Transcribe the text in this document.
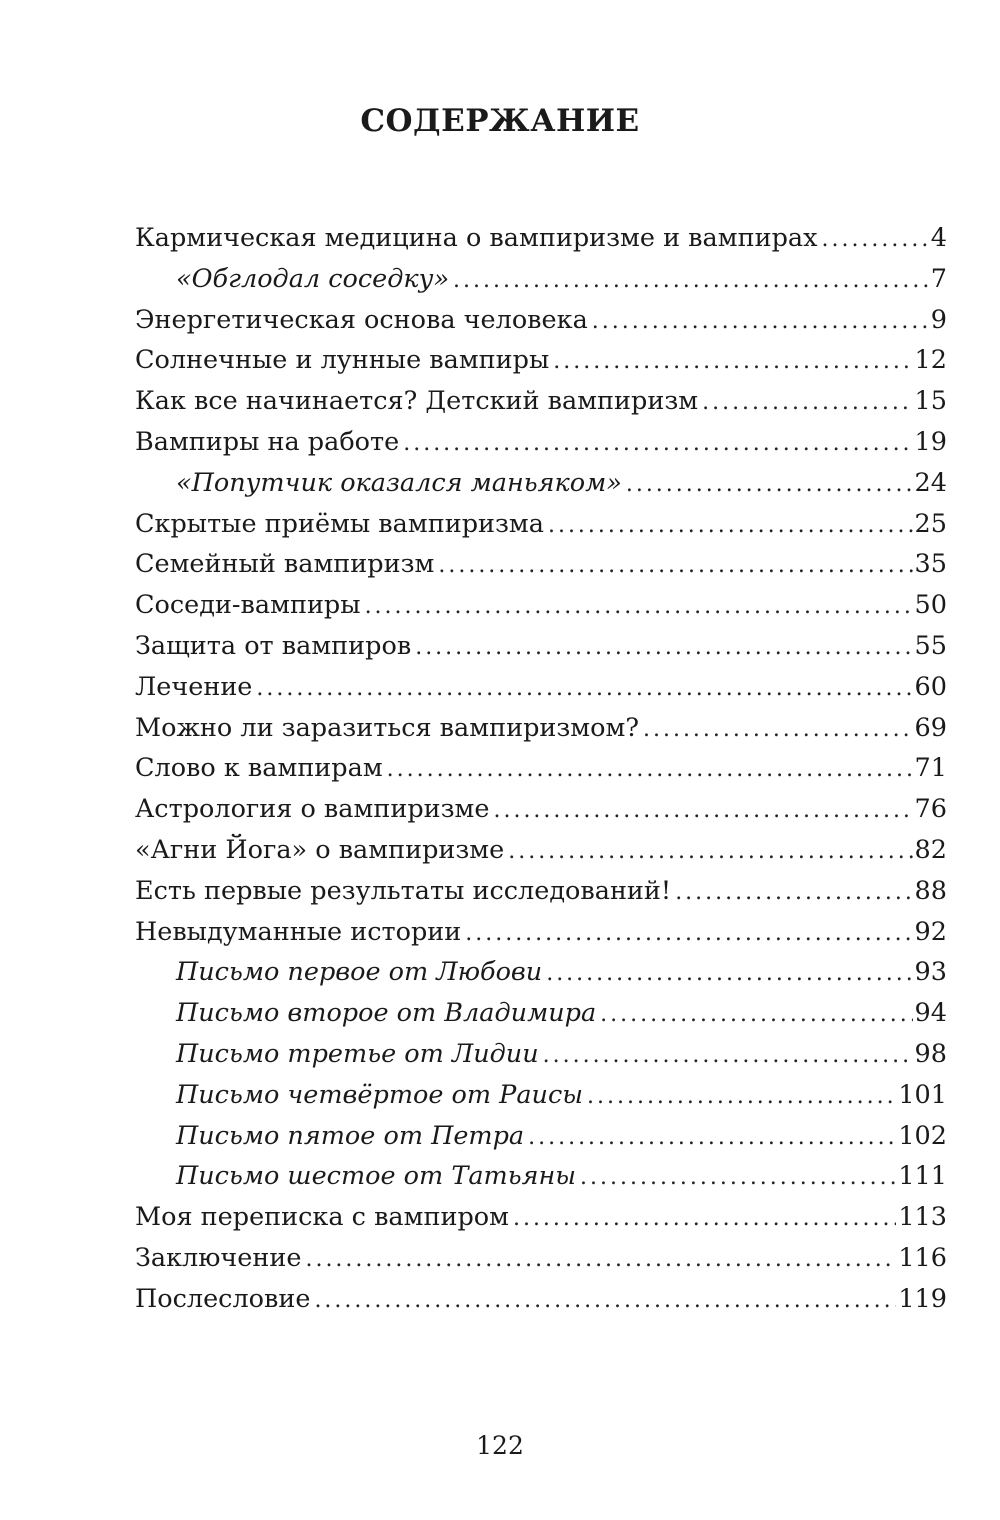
СОДЕРЖАНИЕ
Кармическая медицина о вампиризме и вампирах . . .	4
«Обглодал соседку» . . .	7
Энергетическая основа человека . . .	9
Солнечные и лунные вампиры . . .	12
Как все начинается? Детский вампиризм . . .	15
Вампиры на работе . . .	19
«Попутчик оказался маньяком» . . .	24
Скрытые приёмы вампиризма . . .	25
Семейный вампиризм . . .	35
Соседи-вампиры . . .	50
Защита от вампиров . . .	55
Лечение . . .	60
Можно ли заразиться вампиризмом? . . .	69
Слово к вампирам . . .	71
Астрология о вампиризме . . .	76
«Агни Йога» о вампиризме . . .	82
Есть первые результаты исследований! . . .	88
Невыдуманные истории . . .	92
Письмо первое от Любови . . .	93
Письмо второе от Владимира . . .	94
Письмо третье от Лидии . . .	98
Письмо четвёртое от Раисы . . .	101
Письмо пятое от Петра . . .	102
Письмо шестое от Татьяны . . .	111
Моя переписка с вампиром . . .	113
Заключение . . .	116
Послесловие . . .	119
122
